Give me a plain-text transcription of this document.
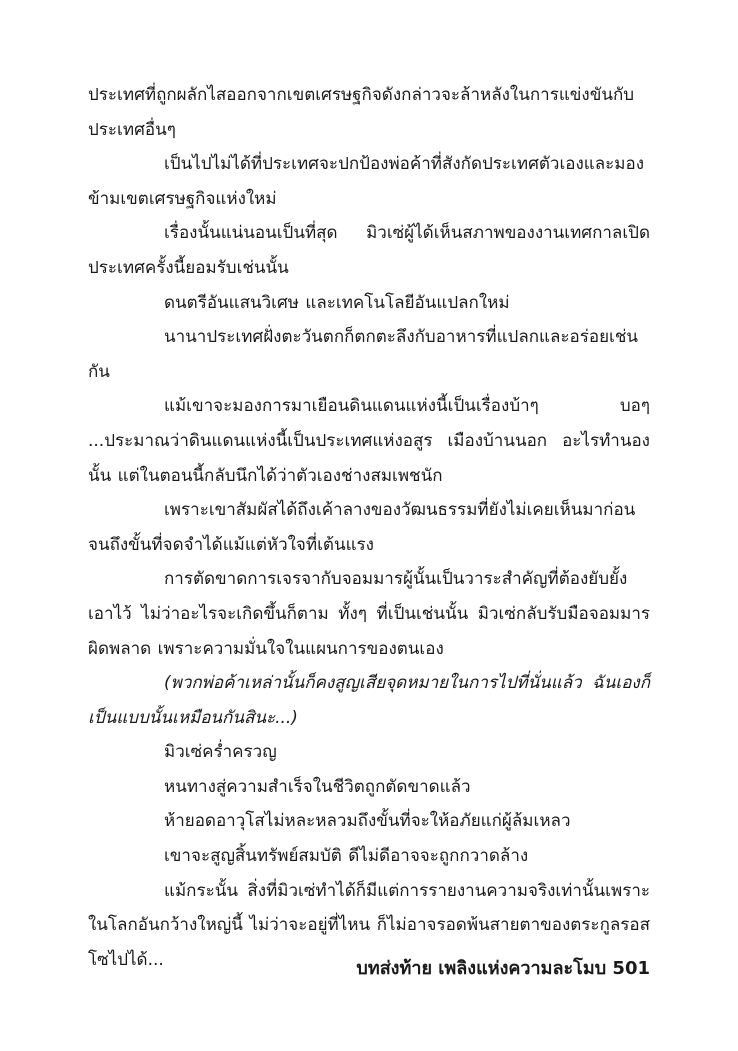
ประเทศที่ถูกผลักไสออกจากเขตเศรษฐกิจดังกล่าวจะล้าหลังในการแข่งขันกับประเทศอื่นๆ

เป็นไปไม่ได้ที่ประเทศจะปกป้องพ่อค้าที่สังกัดประเทศตัวเองและมองข้ามเขตเศรษฐกิจแห่งใหม่

เรื่องนั้นแน่นอนเป็นที่สุด มิวเซ่ผู้ได้เห็นสภาพของงานเทศกาลเปิดประเทศครั้งนี้ยอมรับเช่นนั้น

ดนตรีอันแสนวิเศษ และเทคโนโลยีอันแปลกใหม่

นานาประเทศฝั่งตะวันตกก็ตกตะลึงกับอาหารที่แปลกและอร่อยเช่นกัน

แม้เขาจะมองการมาเยือนดินแดนแห่งนี้เป็นเรื่องบ้าๆ บอๆ ...ประมาณว่าดินแดนแห่งนี้เป็นประเทศแห่งอสูร เมืองบ้านนอก อะไรทำนองนั้น แต่ในตอนนี้กลับนึกได้ว่าตัวเองช่างสมเพชนัก

เพราะเขาสัมผัสได้ถึงเค้าลางของวัฒนธรรมที่ยังไม่เคยเห็นมาก่อนจนถึงขั้นที่จดจำได้แม้แต่หัวใจที่เต้นแรง

การตัดขาดการเจรจากับจอมมารผู้นั้นเป็นวาระสำคัญที่ต้องยับยั้งเอาไว้ ไม่ว่าอะไรจะเกิดขึ้นก็ตาม ทั้งๆ ที่เป็นเช่นนั้น มิวเซ่กลับรับมือจอมมารผิดพลาด เพราะความมั่นใจในแผนการของตนเอง

(พวกพ่อค้าเหล่านั้นก็คงสูญเสียจุดหมายในการไปที่นั่นแล้ว ฉันเองก็เป็นแบบนั้นเหมือนกันสินะ...)

มิวเซ่คร่ำครวญ

หนทางสู่ความสำเร็จในชีวิตถูกตัดขาดแล้ว

ห้ายอดอาวุโสไม่หละหลวมถึงขั้นที่จะให้อภัยแก่ผู้ล้มเหลว

เขาจะสูญสิ้นทรัพย์สมบัติ ดีไม่ดีอาจจะถูกกวาดล้าง

แม้กระนั้น สิ่งที่มิวเซ่ทำได้ก็มีแต่การรายงานความจริงเท่านั้นเพราะในโลกอันกว้างใหญ่นี้ ไม่ว่าจะอยู่ที่ไหน ก็ไม่อาจรอดพ้นสายตาของตระกูลรอสโซไปได้...	บทส่งท้าย เพลิงแห่งความละโมบ 501
